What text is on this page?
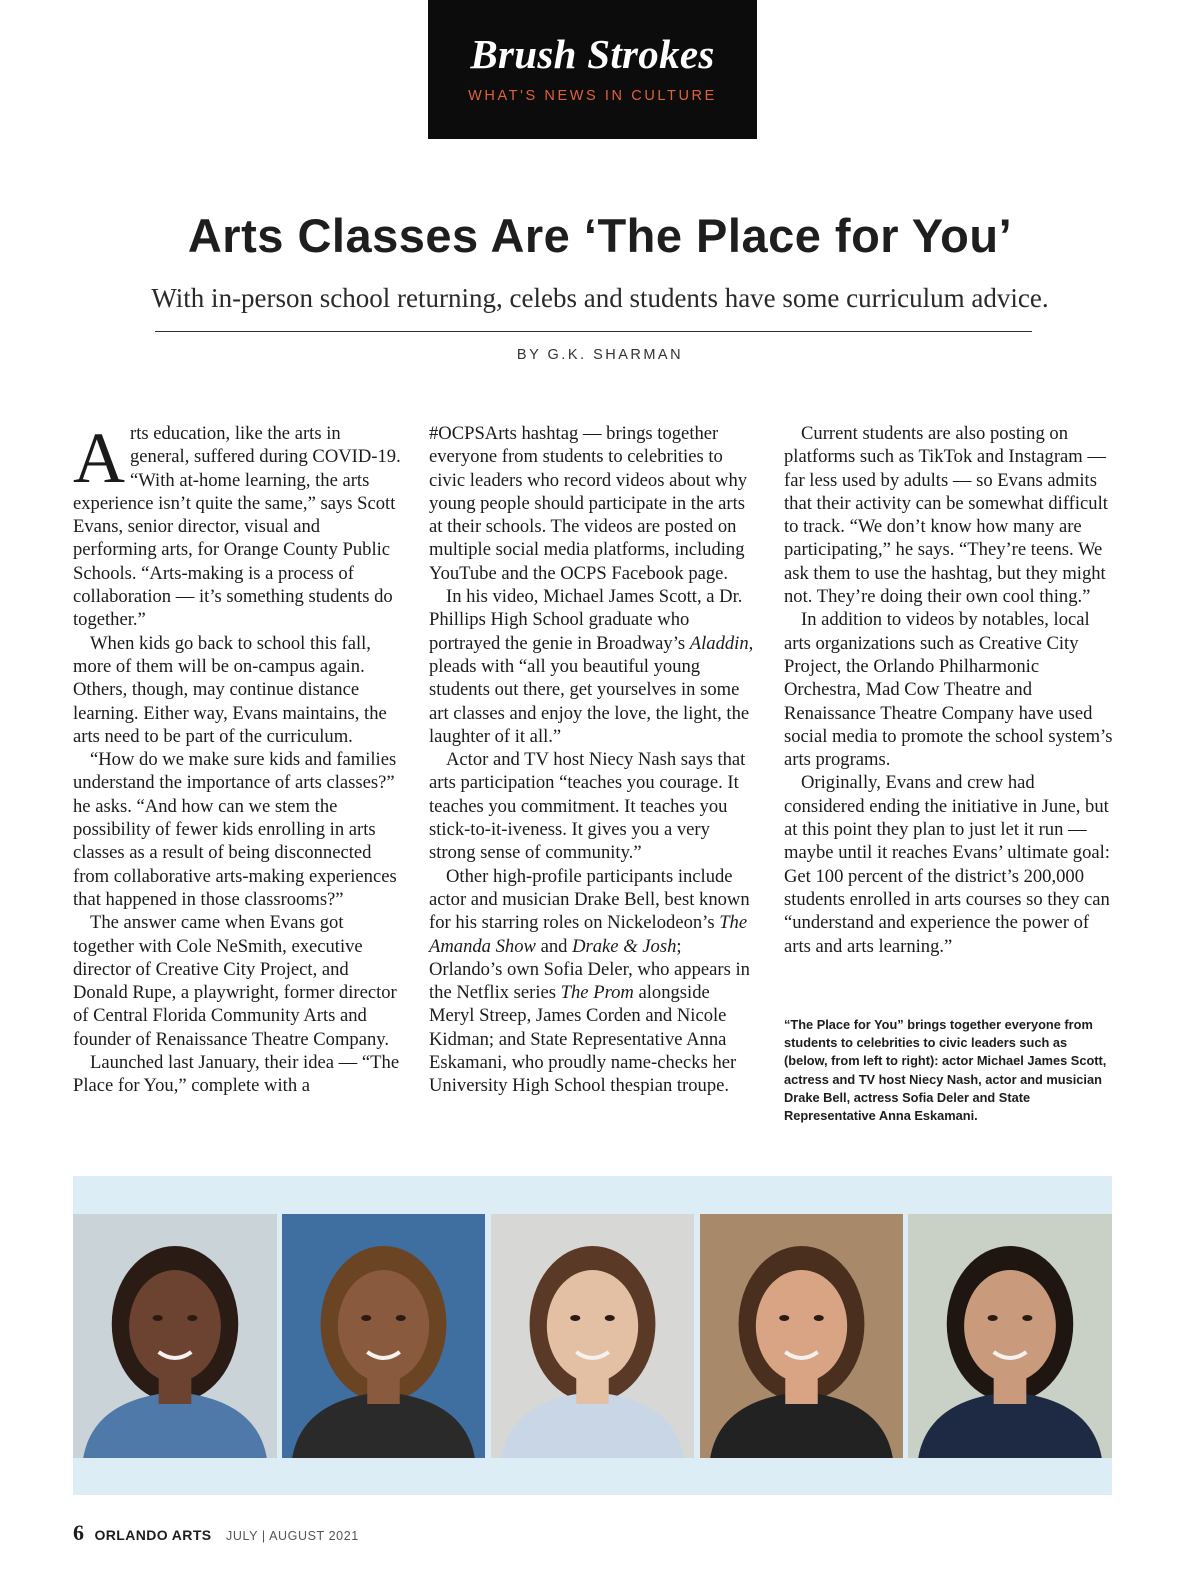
Brush Strokes
WHAT'S NEWS IN CULTURE
Arts Classes Are ‘The Place for You’
With in-person school returning, celebs and students have some curriculum advice.
BY G.K. SHARMAN

Arts education, like the arts in general, suffered during COVID-19. “With at-home learning, the arts experience isn’t quite the same,” says Scott Evans, senior director, visual and performing arts, for Orange County Public Schools. “Arts-making is a process of collaboration — it’s something students do together.”

When kids go back to school this fall, more of them will be on-campus again. Others, though, may continue distance learning. Either way, Evans maintains, the arts need to be part of the curriculum.

“How do we make sure kids and families understand the importance of arts classes?” he asks. “And how can we stem the possibility of fewer kids enrolling in arts classes as a result of being disconnected from collaborative arts-making experiences that happened in those classrooms?”

The answer came when Evans got together with Cole NeSmith, executive director of Creative City Project, and Donald Rupe, a playwright, former director of Central Florida Community Arts and founder of Renaissance Theatre Company.

Launched last January, their idea — “The Place for You,” complete with a

#OCPSArts hashtag — brings together everyone from students to celebrities to civic leaders who record videos about why young people should participate in the arts at their schools. The videos are posted on multiple social media platforms, including YouTube and the OCPS Facebook page.

In his video, Michael James Scott, a Dr. Phillips High School graduate who portrayed the genie in Broadway’s Aladdin, pleads with “all you beautiful young students out there, get yourselves in some art classes and enjoy the love, the light, the laughter of it all.”

Actor and TV host Niecy Nash says that arts participation “teaches you courage. It teaches you commitment. It teaches you stick-to-it-iveness. It gives you a very strong sense of community.”

Other high-profile participants include actor and musician Drake Bell, best known for his starring roles on Nickelodeon’s The Amanda Show and Drake & Josh; Orlando’s own Sofia Deler, who appears in the Netflix series The Prom alongside Meryl Streep, James Corden and Nicole Kidman; and State Representative Anna Eskamani, who proudly name-checks her University High School thespian troupe.

Current students are also posting on platforms such as TikTok and Instagram — far less used by adults — so Evans admits that their activity can be somewhat difficult to track. “We don’t know how many are participating,” he says. “They’re teens. We ask them to use the hashtag, but they might not. They’re doing their own cool thing.”

In addition to videos by notables, local arts organizations such as Creative City Project, the Orlando Philharmonic Orchestra, Mad Cow Theatre and Renaissance Theatre Company have used social media to promote the school system’s arts programs.

Originally, Evans and crew had considered ending the initiative in June, but at this point they plan to just let it run — maybe until it reaches Evans’ ultimate goal: Get 100 percent of the district’s 200,000 students enrolled in arts courses so they can “understand and experience the power of arts and arts learning.”

“The Place for You” brings together everyone from students to celebrities to civic leaders such as (below, from left to right): actor Michael James Scott, actress and TV host Niecy Nash, actor and musician Drake Bell, actress Sofia Deler and State Representative Anna Eskamani.
6 ORLANDO ARTS JULY | AUGUST 2021
